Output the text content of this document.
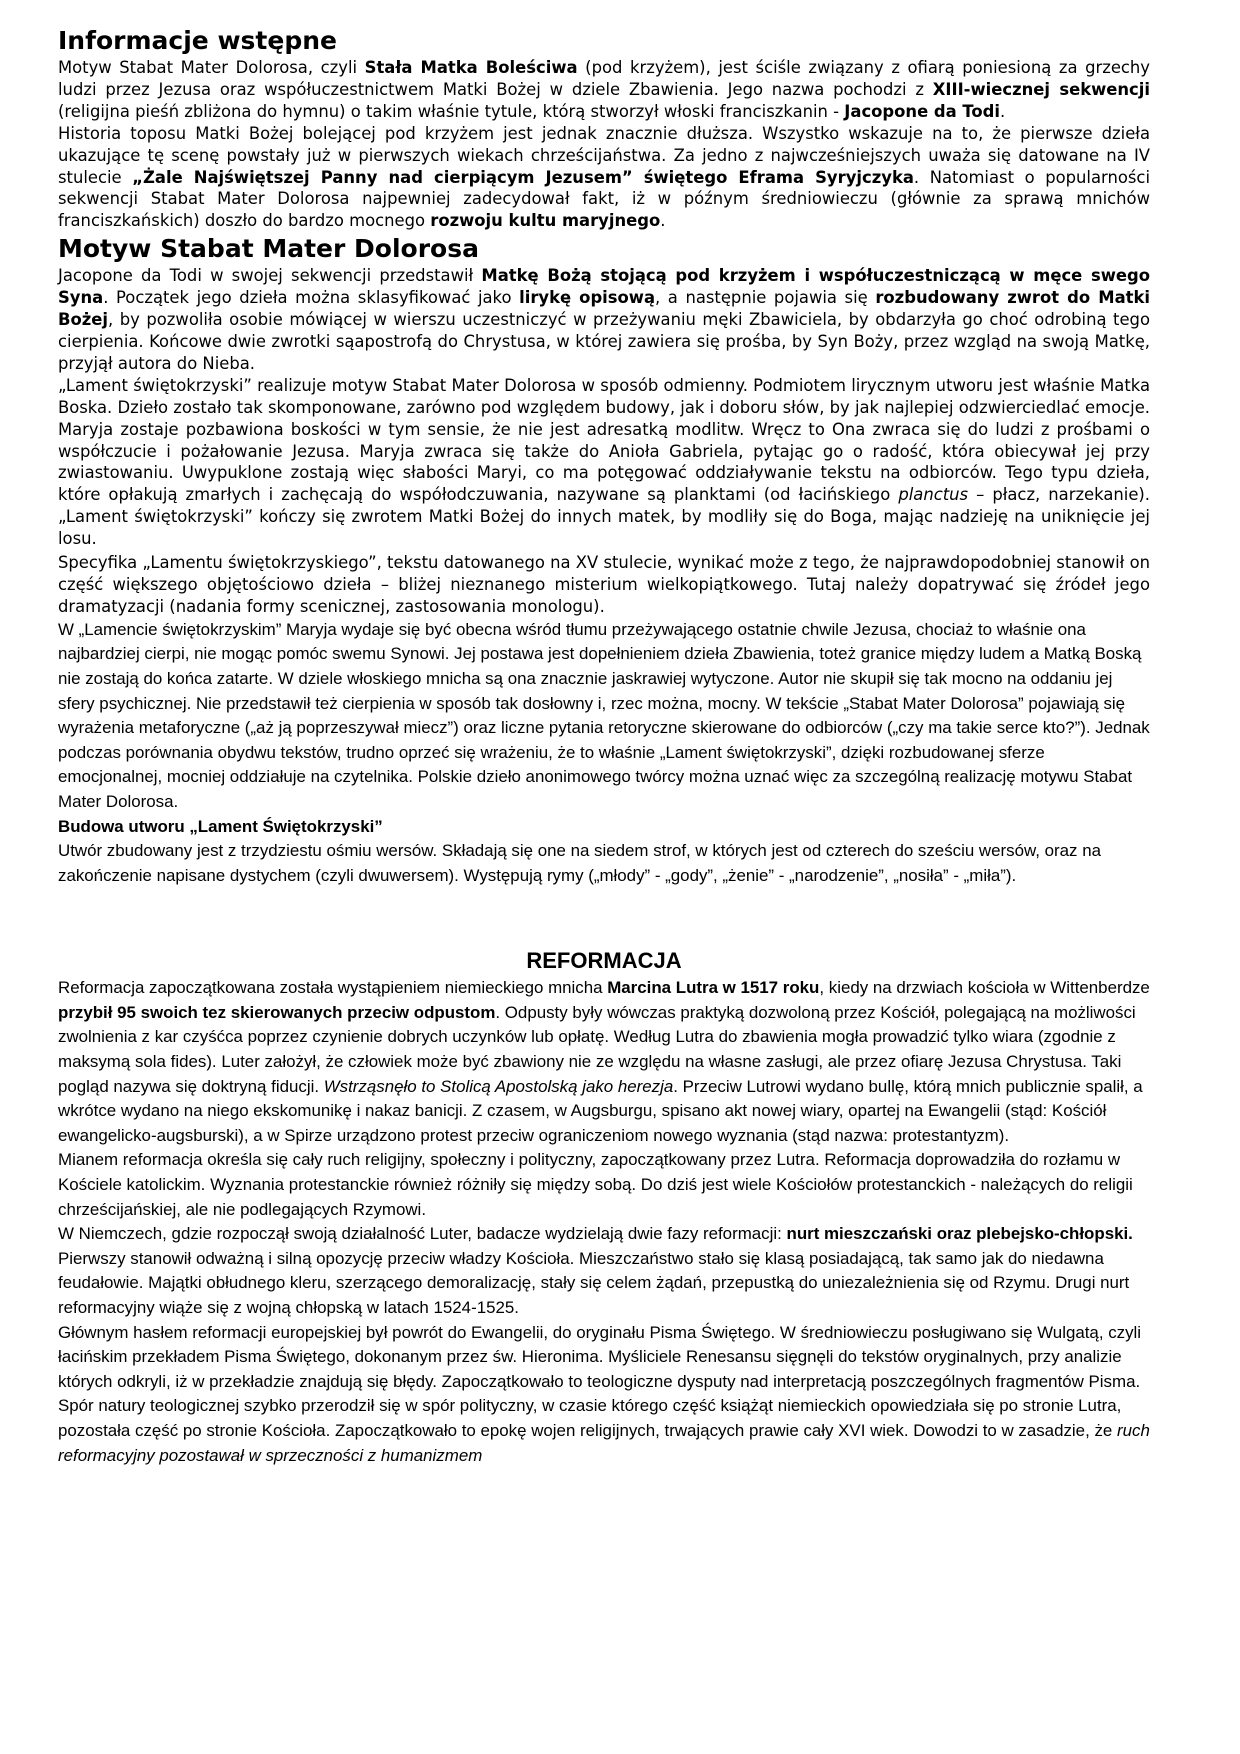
Informacje wstępne

Motyw Stabat Mater Dolorosa, czyli Stała Matka Boleściwa (pod krzyżem), jest ściśle związany z ofiarą poniesioną za grzechy ludzi przez Jezusa oraz współuczestnictwem Matki Bożej w dziele Zbawienia. Jego nazwa pochodzi z XIII-wiecznej sekwencji (religijna pieśń zbliżona do hymnu) o takim właśnie tytule, którą stworzył włoski franciszkanin - Jacopone da Todi.

Historia toposu Matki Bożej bolejącej pod krzyżem jest jednak znacznie dłuższa. Wszystko wskazuje na to, że pierwsze dzieła ukazujące tę scenę powstały już w pierwszych wiekach chrześcijaństwa. Za jedno z najwcześniejszych uważa się datowane na IV stulecie „Żale Najświętszej Panny nad cierpiącym Jezusem” świętego Eframa Syryjczyka. Natomiast o popularności sekwencji Stabat Mater Dolorosa najpewniej zadecydował fakt, iż w późnym średniowieczu (głównie za sprawą mnichów franciszkańskich) doszło do bardzo mocnego rozwoju kultu maryjnego.

Motyw Stabat Mater Dolorosa

Jacopone da Todi w swojej sekwencji przedstawił Matkę Bożą stojącą pod krzyżem i współuczestniczącą w męce swego Syna. Początek jego dzieła można sklasyfikować jako lirykę opisową, a następnie pojawia się rozbudowany zwrot do Matki Bożej, by pozwoliła osobie mówiącej w wierszu uczestniczyć w przeżywaniu męki Zbawiciela, by obdarzyła go choć odrobiną tego cierpienia. Końcowe dwie zwrotki sąapostrofą do Chrystusa, w której zawiera się prośba, by Syn Boży, przez wzgląd na swoją Matkę, przyjął autora do Nieba.

„Lament świętokrzyski” realizuje motyw Stabat Mater Dolorosa w sposób odmienny. Podmiotem lirycznym utworu jest właśnie Matka Boska. Dzieło zostało tak skomponowane, zarówno pod względem budowy, jak i doboru słów, by jak najlepiej odzwierciedlać emocje. Maryja zostaje pozbawiona boskości w tym sensie, że nie jest adresatką modlitw. Wręcz to Ona zwraca się do ludzi z prośbami o współczucie i pożałowanie Jezusa. Maryja zwraca się także do Anioła Gabriela, pytając go o radość, która obiecywał jej przy zwiastowaniu. Uwypuklone zostają więc słabości Maryi, co ma potęgować oddziaływanie tekstu na odbiorców. Tego typu dzieła, które opłakują zmarłych i zachęcają do współodczuwania, nazywane są planktami (od łacińskiego planctus – płacz, narzekanie). „Lament świętokrzyski” kończy się zwrotem Matki Bożej do innych matek, by modliły się do Boga, mając nadzieję na uniknięcie jej losu.

Specyfika „Lamentu świętokrzyskiego”, tekstu datowanego na XV stulecie, wynikać może z tego, że najprawdopodobniej stanowił on część większego objętościowo dzieła – bliżej nieznanego misterium wielkopiątkowego. Tutaj należy dopatrywać się źródeł jego dramatyzacji (nadania formy scenicznej, zastosowania monologu).

W „Lamencie świętokrzyskim” Maryja wydaje się być obecna wśród tłumu przeżywającego ostatnie chwile Jezusa, chociaż to właśnie ona najbardziej cierpi, nie mogąc pomóc swemu Synowi. Jej postawa jest dopełnieniem dzieła Zbawienia, toteż granice między ludem a Matką Boską nie zostają do końca zatarte. W dziele włoskiego mnicha są ona znacznie jaskrawiej wytyczone. Autor nie skupił się tak mocno na oddaniu jej sfery psychicznej. Nie przedstawił też cierpienia w sposób tak dosłowny i, rzec można, mocny. W tekście „Stabat Mater Dolorosa” pojawiają się wyrażenia metaforyczne („aż ją poprzeszywał miecz”) oraz liczne pytania retoryczne skierowane do odbiorców („czy ma takie serce kto?”). Jednak podczas porównania obydwu tekstów, trudno oprzeć się wrażeniu, że to właśnie „Lament świętokrzyski”, dzięki rozbudowanej sferze emocjonalnej, mocniej oddziałuje na czytelnika. Polskie dzieło anonimowego twórcy można uznać więc za szczególną realizację motywu Stabat Mater Dolorosa.

Budowa utworu „Lament Świętokrzyski”

Utwór zbudowany jest z trzydziestu ośmiu wersów. Składają się one na siedem strof, w których jest od czterech do sześciu wersów, oraz na zakończenie napisane dystychem (czyli dwuwersem). Występują rymy („młody” - „gody”, „żenie” - „narodzenie”, „nosiła” - „miła”).

REFORMACJA

Reformacja zapoczątkowana została wystąpieniem niemieckiego mnicha Marcina Lutra w 1517 roku, kiedy na drzwiach kościoła w Wittenberdze przybił 95 swoich tez skierowanych przeciw odpustom. Odpusty były wówczas praktyką dozwoloną przez Kościół, polegającą na możliwości zwolnienia z kar czyśćca poprzez czynienie dobrych uczynków lub opłatę. Według Lutra do zbawienia mogła prowadzić tylko wiara (zgodnie z maksymą sola fides). Luter założył, że człowiek może być zbawiony nie ze względu na własne zasługi, ale przez ofiarę Jezusa Chrystusa. Taki pogląd nazywa się doktryną fiducji. Wstrząsnęło to Stolicą Apostolską jako herezja. Przeciw Lutrowi wydano bullę, którą mnich publicznie spalił, a wkrótce wydano na niego ekskomunikę i nakaz banicji. Z czasem, w Augsburgu, spisano akt nowej wiary, opartej na Ewangelii (stąd: Kościół ewangelicko-augsburski), a w Spirze urządzono protest przeciw ograniczeniom nowego wyznania (stąd nazwa: protestantyzm).

Mianem reformacja określa się cały ruch religijny, społeczny i polityczny, zapoczątkowany przez Lutra. Reformacja doprowadziła do rozłamu w Kościele katolickim. Wyznania protestanckie również różniły się między sobą. Do dziś jest wiele Kościołów protestanckich - należących do religii chrześcijańskiej, ale nie podlegających Rzymowi.

W Niemczech, gdzie rozpoczął swoją działalność Luter, badacze wydzielają dwie fazy reformacji: nurt mieszczański oraz plebejsko-chłopski. Pierwszy stanowił odważną i silną opozycję przeciw władzy Kościoła. Mieszczaństwo stało się klasą posiadającą, tak samo jak do niedawna feudałowie. Majątki obłudnego kleru, szerzącego demoralizację, stały się celem żądań, przepustką do uniezależnienia się od Rzymu. Drugi nurt reformacyjny wiąże się z wojną chłopską w latach 1524-1525.

Głównym hasłem reformacji europejskiej był powrót do Ewangelii, do oryginału Pisma Świętego. W średniowieczu posługiwano się Wulgatą, czyli łacińskim przekładem Pisma Świętego, dokonanym przez św. Hieronima. Myśliciele Renesansu sięgnęli do tekstów oryginalnych, przy analizie których odkryli, iż w przekładzie znajdują się błędy. Zapoczątkowało to teologiczne dysputy nad interpretacją poszczególnych fragmentów Pisma. Spór natury teologicznej szybko przerodził się w spór polityczny, w czasie którego część książąt niemieckich opowiedziała się po stronie Lutra, pozostała część po stronie Kościoła. Zapoczątkowało to epokę wojen religijnych, trwających prawie cały XVI wiek. Dowodzi to w zasadzie, że ruch reformacyjny pozostawał w sprzeczności z humanizmem
